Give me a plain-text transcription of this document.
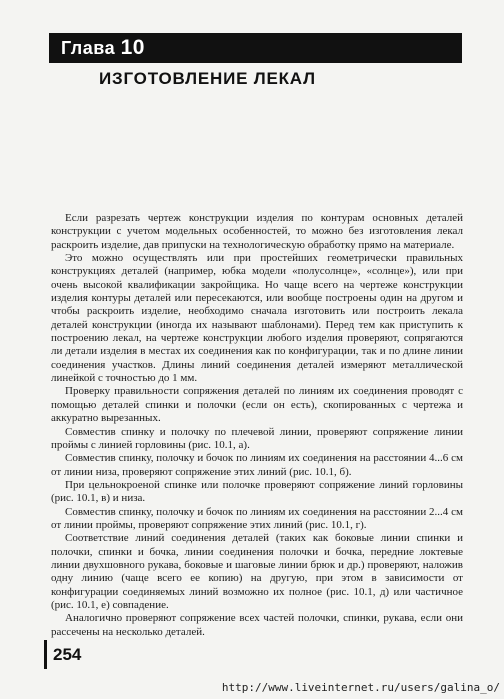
Глава 10
ИЗГОТОВЛЕНИЕ ЛЕКАЛ

Если разрезать чертеж конструкции изделия по контурам основных деталей конструкции с учетом модельных особенностей, то можно без изготовления лекал раскроить изделие, дав припуски на технологическую обработку прямо на материале.

Это можно осуществлять или при простейших геометрически правильных конструкциях деталей (например, юбка модели «полусолнце», «солнце»), или при очень высокой квалификации закройщика. Но чаще всего на чертеже конструкции изделия контуры деталей или пересекаются, или вообще построены один на другом и чтобы раскроить изделие, необходимо сначала изготовить или построить лекала деталей конструкции (иногда их называют шаблонами). Перед тем как приступить к построению лекал, на чертеже конструкции любого изделия проверяют, сопрягаются ли детали изделия в местах их соединения как по конфигурации, так и по длине линии соединения участков. Длины линий соединения деталей измеряют металлической линейкой с точностью до 1 мм.

Проверку правильности сопряжения деталей по линиям их соединения проводят с помощью деталей спинки и полочки (если он есть), скопированных с чертежа и аккуратно вырезанных.

Совместив спинку и полочку по плечевой линии, проверяют сопряжение линии проймы с линией горловины (рис. 10.1, а).

Совместив спинку, полочку и бочок по линиям их соединения на расстоянии 4...6 см от линии низа, проверяют сопряжение этих линий (рис. 10.1, б).

При цельнокроеной спинке или полочке проверяют сопряжение линий горловины (рис. 10.1, в) и низа.

Совместив спинку, полочку и бочок по линиям их соединения на расстоянии 2...4 см от линии проймы, проверяют сопряжение этих линий (рис. 10.1, г).

Соответствие линий соединения деталей (таких как боковые линии спинки и полочки, спинки и бочка, линии соединения полочки и бочка, передние локтевые линии двухшовного рукава, боковые и шаговые линии брюк и др.) проверяют, наложив одну линию (чаще всего ее копию) на другую, при этом в зависимости от конфигурации соединяемых линий возможно их полное (рис. 10.1, д) или частичное (рис. 10.1, е) совпадение.

Аналогично проверяют сопряжение всех частей полочки, спинки, рукава, если они рассечены на несколько деталей.

254
http://www.liveinternet.ru/users/galina_o/
